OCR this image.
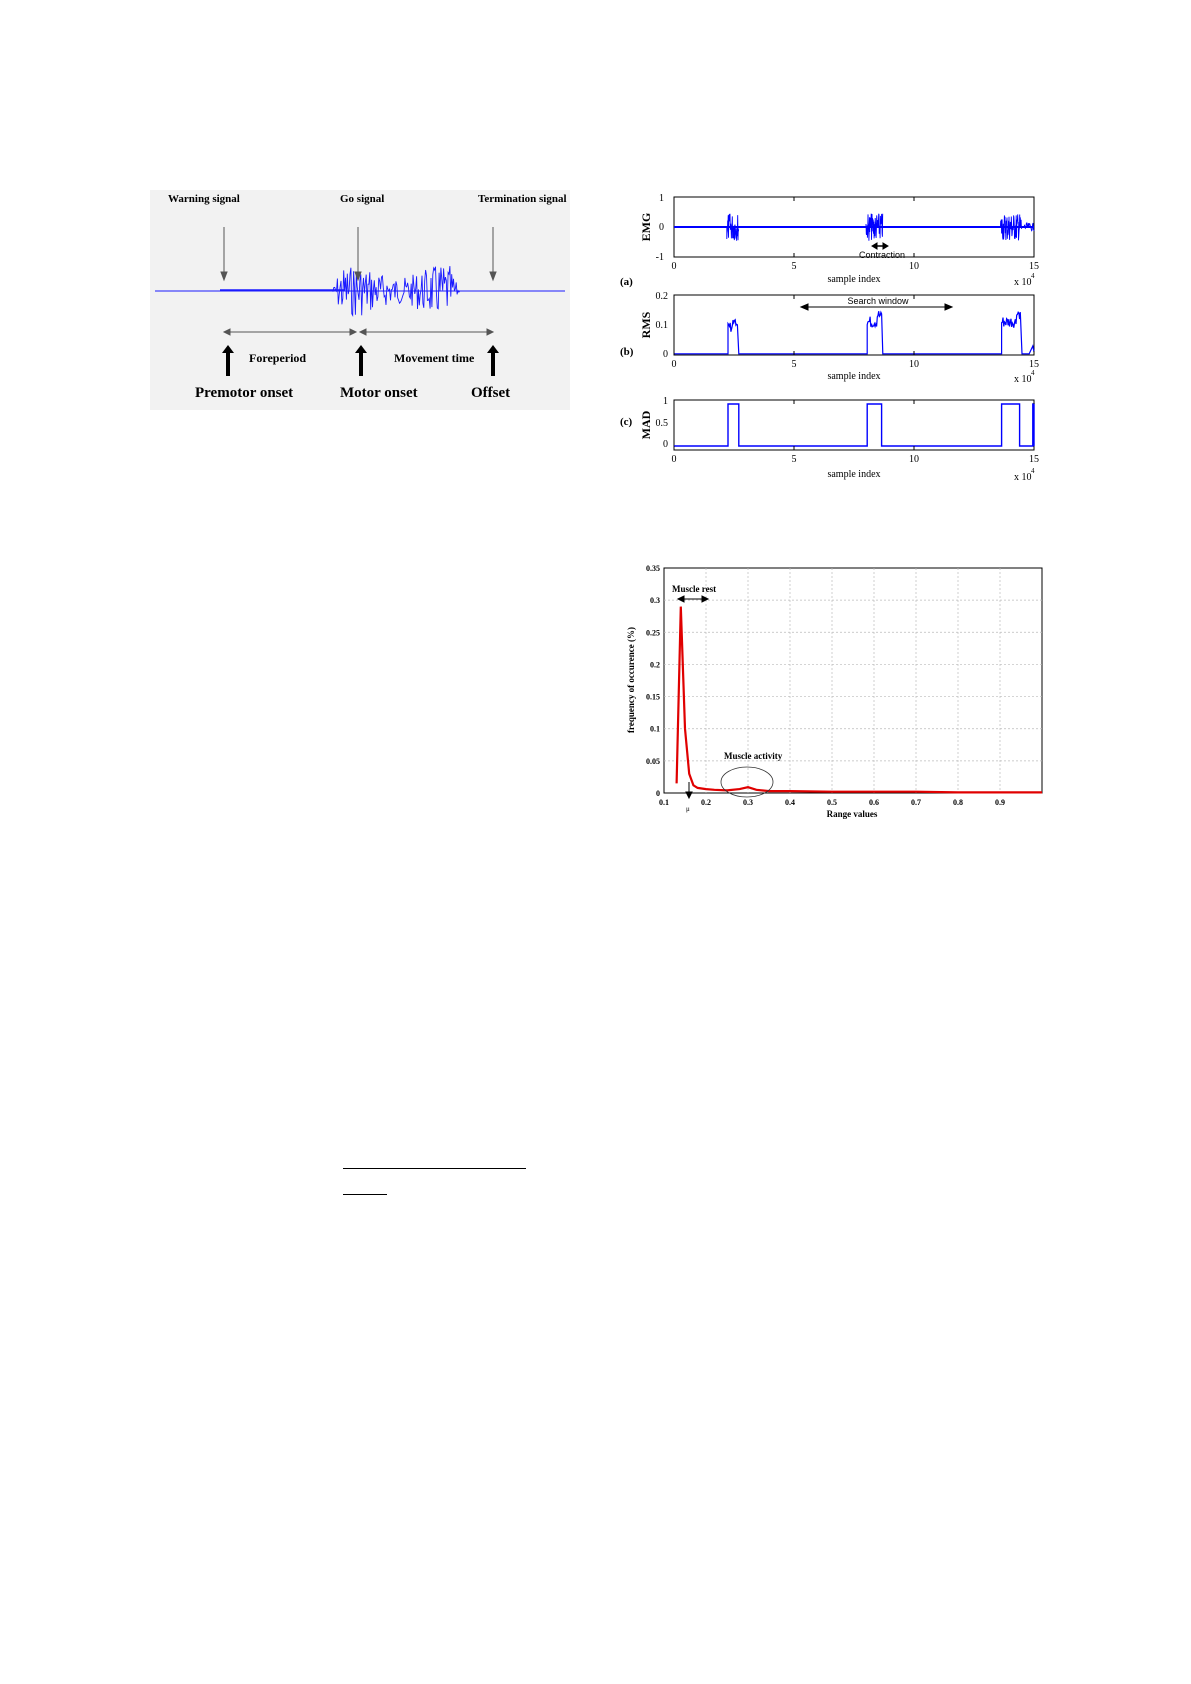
Warning signal	Go signal	Termination signal
Foreperiod	Movement time
Premotor onset	Motor onset	Offset
1
0
-1
0.2
0.1
0
1
0.5
0
EMG
RMS
MAD
(a)
(b)
(c)
0	5	10	15
0	5	10	15
0	5	10	15
sample index
sample index
sample index
x 10
4
x 10
4
x 10
4
Contraction
Search window
0.1	0.2	0.3	0.4	0.5	0.6	0.7	0.8	0.9
0
0.05
0.1
0.15
0.2
0.25
0.3
0.35
Muscle rest
Muscle activity
μ
frequency of occurence (%)
Range values
